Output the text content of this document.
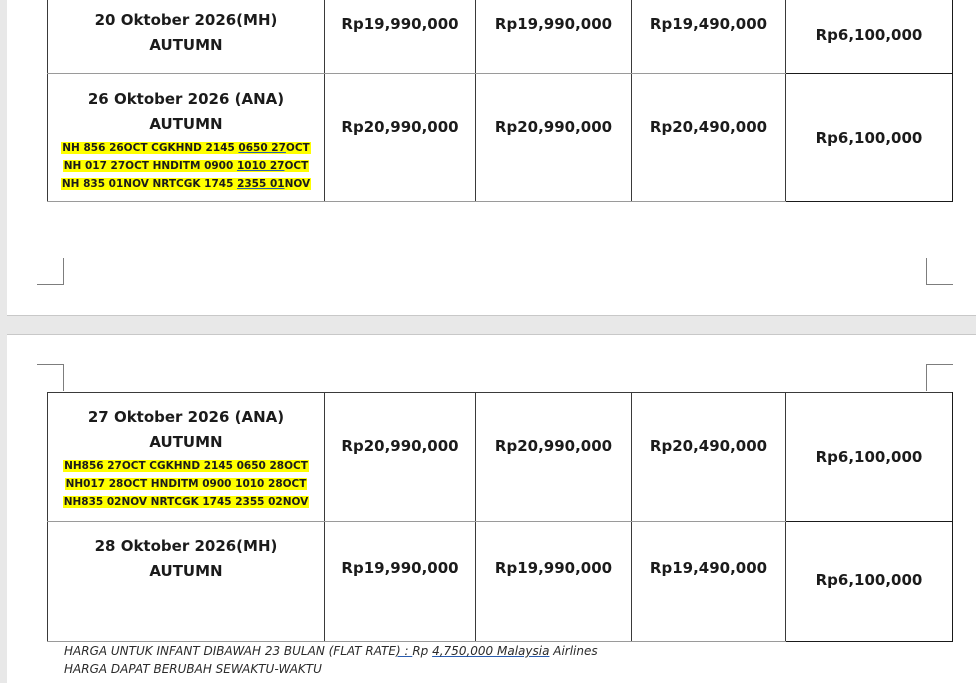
20 Oktober 2026(MH)
AUTUMN	Rp19,990,000	Rp19,990,000	Rp19,490,000	Rp6,100,000

26 Oktober 2026 (ANA)
AUTUMN
NH 856 26OCT CGKHND 2145 0650 27OCT
NH 017 27OCT HNDITM 0900 1010 27OCT
NH 835 01NOV NRTCGK 1745 2355 01NOV	Rp20,990,000	Rp20,990,000	Rp20,490,000	Rp6,100,000
27 Oktober 2026 (ANA)
AUTUMN
NH856 27OCT CGKHND 2145 0650 28OCT
NH017 28OCT HNDITM 0900 1010 28OCT
NH835 02NOV NRTCGK 1745 2355 02NOV	Rp20,990,000	Rp20,990,000	Rp20,490,000	Rp6,100,000

28 Oktober 2026(MH)
AUTUMN	Rp19,990,000	Rp19,990,000	Rp19,490,000	Rp6,100,000
HARGA UNTUK INFANT DIBAWAH 23 BULAN (FLAT RATE) : Rp 4,750,000 Malaysia Airlines
HARGA DAPAT BERUBAH SEWAKTU-WAKTU
